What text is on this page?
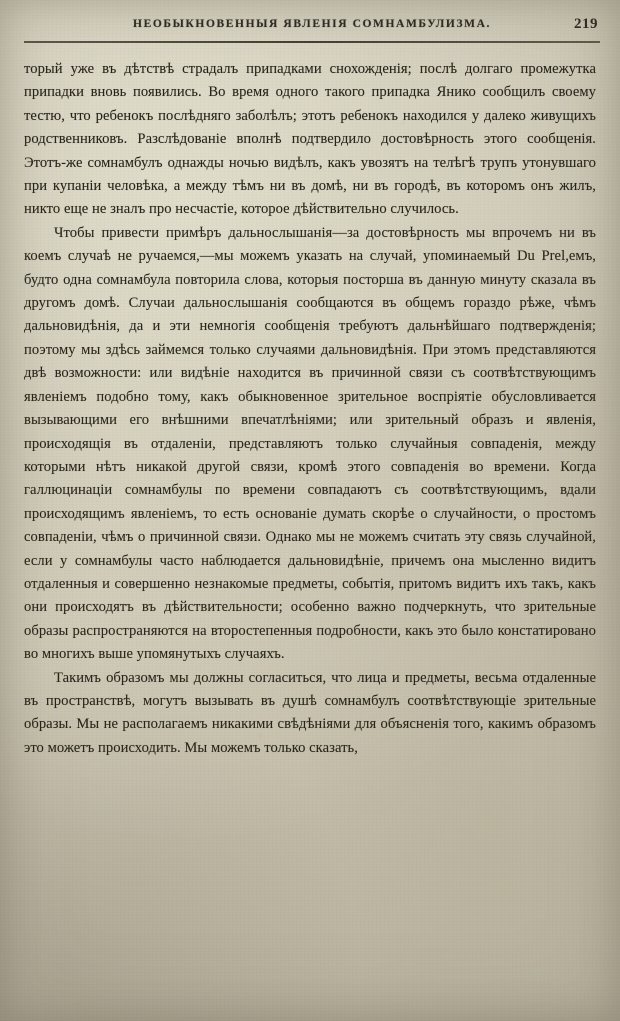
НЕОБЫКНОВЕННЫЯ ЯВЛЕНІЯ СОМНАМБУЛИЗМА.	219

торый уже въ дѣтствѣ страдалъ припадками снохожденія; послѣ долгаго промежутка припадки вновь появились. Во время одного такого припадка Янико сообщилъ своему тестю, что ребенокъ послѣдняго заболѣлъ; этотъ ребенокъ находился у далеко живущихъ родственниковъ. Разслѣдованіе вполнѣ подтвердило достовѣрность этого сообщенія. Этотъ-же сомнамбулъ однажды ночью видѣлъ, какъ увозятъ на телѣгѣ трупъ утонувшаго при купаніи человѣка, а между тѣмъ ни въ домѣ, ни въ городѣ, въ которомъ онъ жилъ, никто еще не зналъ про несчастіе, которое дѣйствительно случилось.

Чтобы привести примѣръ дальнослышанія—за достовѣрность мы впрочемъ ни въ коемъ случаѣ не ручаемся,—мы можемъ указать на случай, упоминаемый Du Prel,емъ, будто одна сомнамбула повторила слова, которыя посторша въ данную минуту сказала въ другомъ домѣ. Случаи дальнослышанія сообщаются въ общемъ гораздо рѣже, чѣмъ дальновидѣнія, да и эти немногія сообщенія требуютъ дальнѣйшаго подтвержденія; поэтому мы здѣсь займемся только случаями дальновидѣнія. При этомъ представляются двѣ возможности: или видѣніе находится въ причинной связи съ соотвѣтствующимъ явленіемъ подобно тому, какъ обыкновенное зрительное воспріятіе обусловливается вызывающими его внѣшними впечатлѣніями; или зрительный образъ и явленія, происходящія въ отдаленіи, представляютъ только случайныя совпаденія, между которыми нѣтъ никакой другой связи, кромѣ этого совпаденія во времени. Когда галлюцинаціи сомнамбулы по времени совпадаютъ съ соотвѣтствующимъ, вдали происходящимъ явленіемъ, то есть основаніе думать скорѣе о случайности, о простомъ совпаденіи, чѣмъ о причинной связи. Однако мы не можемъ считать эту связь случайной, если у сомнамбулы часто наблюдается дальновидѣніе, причемъ она мысленно видитъ отдаленныя и совершенно незнакомые предметы, событія, притомъ видитъ ихъ такъ, какъ они происходятъ въ дѣйствительности; особенно важно подчеркнуть, что зрительные образы распространяются на второстепенныя подробности, какъ это было констатировано во многихъ выше упомянутыхъ случаяхъ.

Такимъ образомъ мы должны согласиться, что лица и предметы, весьма отдаленные въ пространствѣ, могутъ вызывать въ душѣ сомнамбулъ соотвѣтствующіе зрительные образы. Мы не располагаемъ никакими свѣдѣніями для объясненія того, какимъ образомъ это можетъ происходить. Мы можемъ только сказать,
